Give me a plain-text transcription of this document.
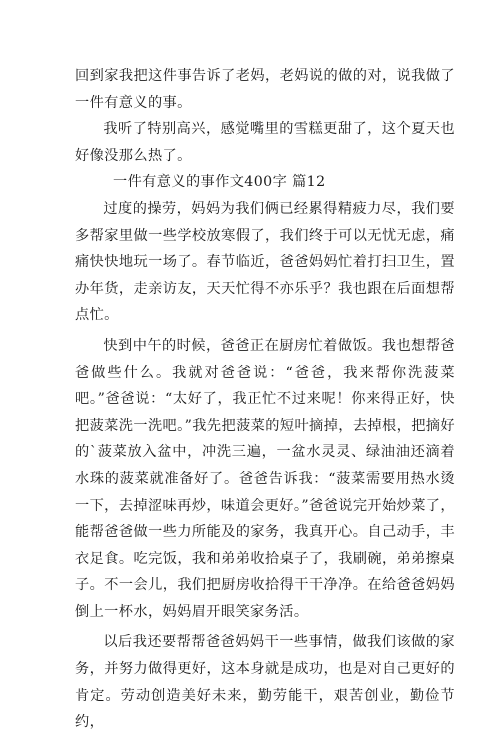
回到家我把这件事告诉了老妈，老妈说的做的对，说我做了一件有意义的事。

我听了特别高兴，感觉嘴里的雪糕更甜了，这个夏天也好像没那么热了。

一件有意义的事作文400字 篇12

过度的操劳，妈妈为我们俩已经累得精疲力尽，我们要多帮家里做一些学校放寒假了，我们终于可以无忧无虑，痛痛快快地玩一场了。春节临近，爸爸妈妈忙着打扫卫生，置办年货，走亲访友，天天忙得不亦乐乎？我也跟在后面想帮点忙。

快到中午的时候，爸爸正在厨房忙着做饭。我也想帮爸爸做些什么。我就对爸爸说：“爸爸，我来帮你洗菠菜吧。”爸爸说：“太好了，我正忙不过来呢！你来得正好，快把菠菜洗一洗吧。”我先把菠菜的短叶摘掉，去掉根，把摘好的`菠菜放入盆中，冲洗三遍，一盆水灵灵、绿油油还滴着水珠的菠菜就准备好了。爸爸告诉我：“菠菜需要用热水烫一下，去掉涩味再炒，味道会更好。”爸爸说完开始炒菜了，能帮爸爸做一些力所能及的家务，我真开心。自己动手，丰衣足食。吃完饭，我和弟弟收拾桌子了，我刷碗，弟弟擦桌子。不一会儿，我们把厨房收拾得干干净净。在给爸爸妈妈倒上一杯水，妈妈眉开眼笑家务活。

以后我还要帮帮爸爸妈妈干一些事情，做我们该做的家务，并努力做得更好，这本身就是成功，也是对自己更好的肯定。劳动创造美好未来，勤劳能干，艰苦创业，勤俭节约，
